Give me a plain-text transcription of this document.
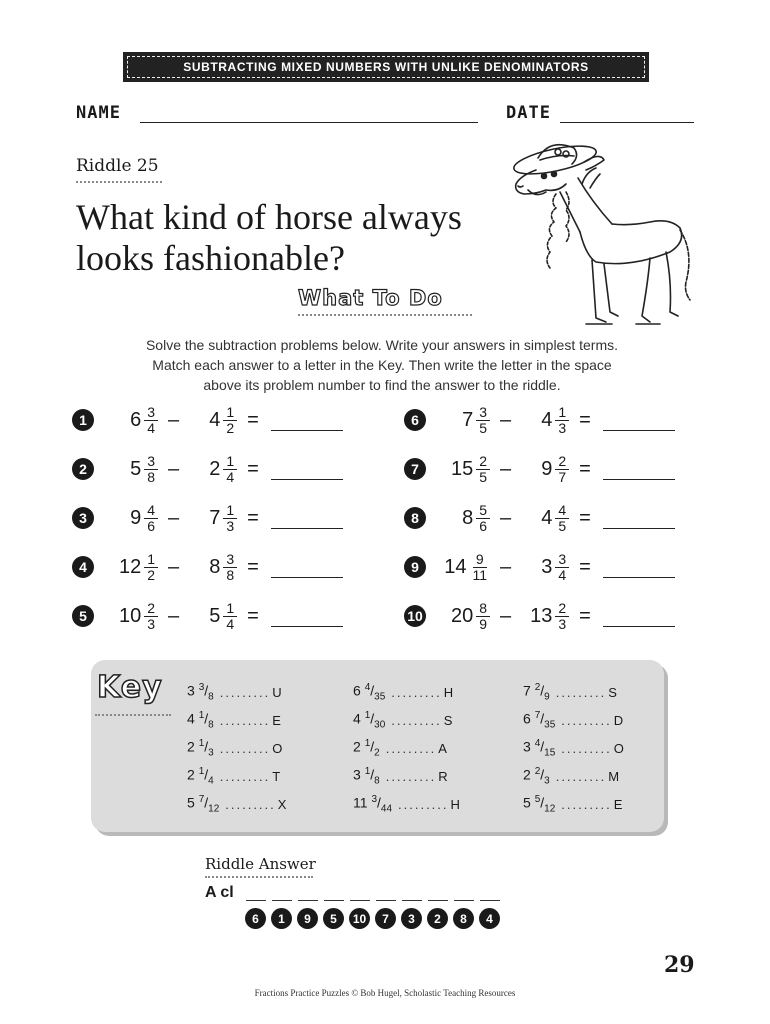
SUBTRACTING MIXED NUMBERS WITH UNLIKE DENOMINATORS
NAME	DATE
Riddle 25
What kind of horse always
looks fashionable?
What To Do
Solve the subtraction problems below. Write your answers in simplest terms.
Match each answer to a letter in the Key. Then write the letter in the space
above its problem number to find the answer to the riddle.
1	$6 \frac{3}{4} - 4 \frac{1}{2}$ =
2	$5 \frac{3}{8} - 2 \frac{1}{4}$ =
3	$9 \frac{4}{6} - 7 \frac{1}{3}$ =
4	$12 \frac{1}{2} - 8 \frac{3}{8}$ =
5	$10 \frac{2}{3} - 5 \frac{1}{4}$ =
6	$7 \frac{3}{5} - 4 \frac{1}{3}$ =
7	$15 \frac{2}{5} - 9 \frac{2}{7}$ =
8	$8 \frac{5}{6} - 4 \frac{4}{5}$ =
9	$14 \frac{9}{11} - 3 \frac{3}{4}$ =
10 $20 \frac{8}{9} - 13 \frac{2}{3}$ =
Key 3 $^3/_8$ ......... U
4 $^1/_8$ ......... E
2 $^1/_3$ ......... O
2 $^1/_4$ ......... T
5 $^7/_{12}$ ......... X
6 $^4/_{35}$ ......... H
4 $^1/_{30}$ ......... S
2 $^1/_2$ ......... A
3 $^1/_8$ ......... R
11 $^3/_{44}$ ......... H
7 $^2/_9$ ......... S
6 $^7/_{35}$ ......... D
3 $^4/_{15}$ ......... O
2 $^2/_3$ ......... M
5 $^5/_{12}$ ......... E
Riddle Answer
A cl
6	1	9	5	10	7	3	2	8	4
29
Fractions Practice Puzzles © Bob Hugel, Scholastic Teaching Resources
